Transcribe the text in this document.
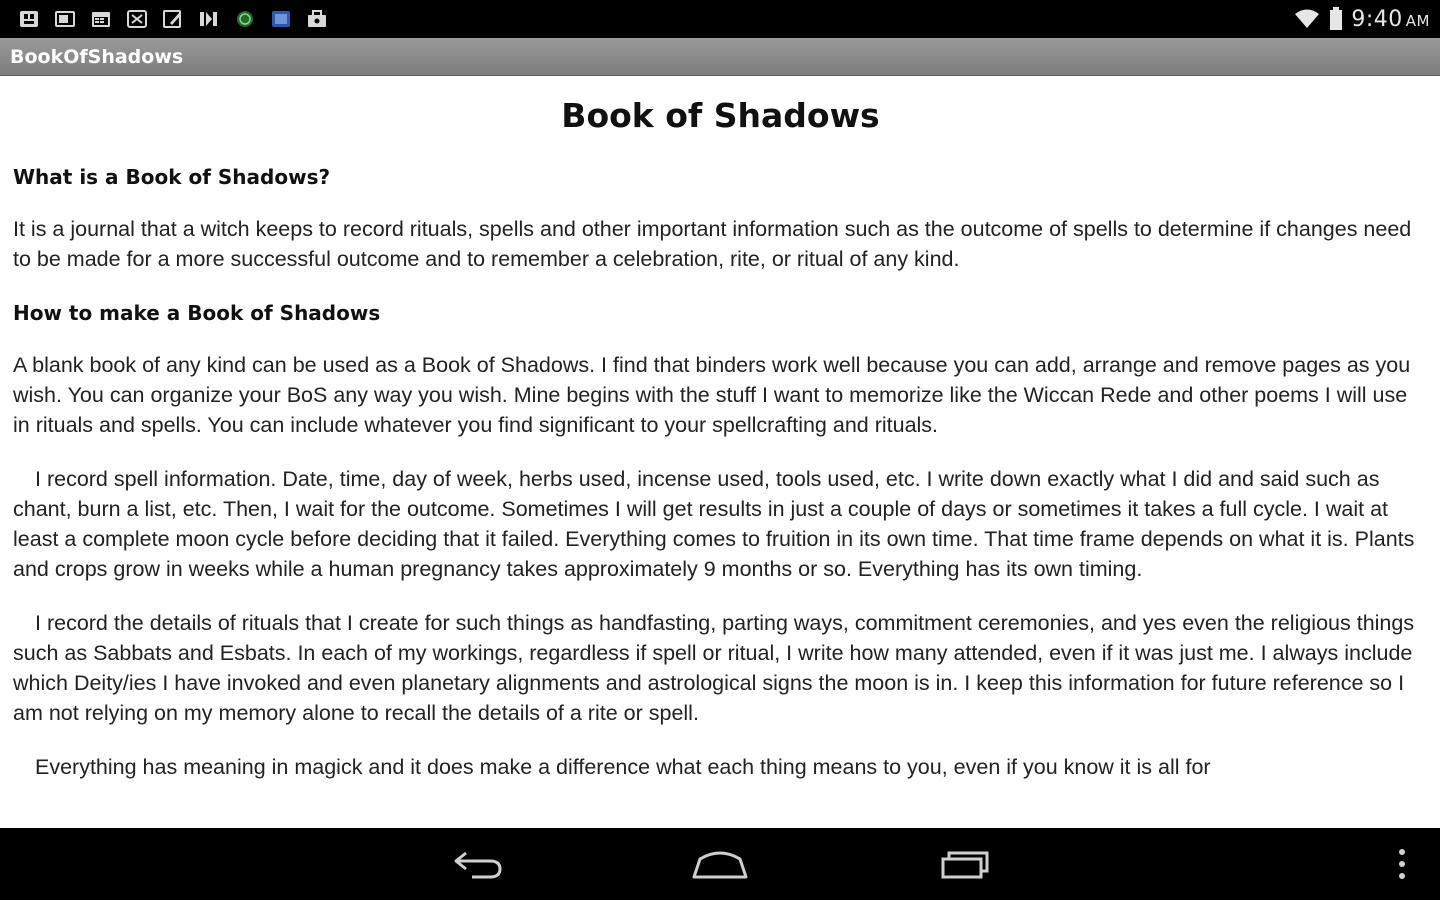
9:40 AM
BookOfShadows
Book of Shadows

What is a Book of Shadows?

It is a journal that a witch keeps to record rituals, spells and other important information such as the outcome of spells to determine if changes need to be made for a more successful outcome and to remember a celebration, rite, or ritual of any kind.

How to make a Book of Shadows

A blank book of any kind can be used as a Book of Shadows. I find that binders work well because you can add, arrange and remove pages as you wish. You can organize your BoS any way you wish. Mine begins with the stuff I want to memorize like the Wiccan Rede and other poems I will use in rituals and spells. You can include whatever you find significant to your spellcrafting and rituals.

I record spell information. Date, time, day of week, herbs used, incense used, tools used, etc. I write down exactly what I did and said such as chant, burn a list, etc. Then, I wait for the outcome. Sometimes I will get results in just a couple of days or sometimes it takes a full cycle. I wait at least a complete moon cycle before deciding that it failed. Everything comes to fruition in its own time. That time frame depends on what it is. Plants and crops grow in weeks while a human pregnancy takes approximately 9 months or so. Everything has its own timing.

I record the details of rituals that I create for such things as handfasting, parting ways, commitment ceremonies, and yes even the religious things such as Sabbats and Esbats. In each of my workings, regardless if spell or ritual, I write how many attended, even if it was just me. I always include which Deity/ies I have invoked and even planetary alignments and astrological signs the moon is in. I keep this information for future reference so I am not relying on my memory alone to recall the details of a rite or spell.

Everything has meaning in magick and it does make a difference what each thing means to you, even if you know it is all for
